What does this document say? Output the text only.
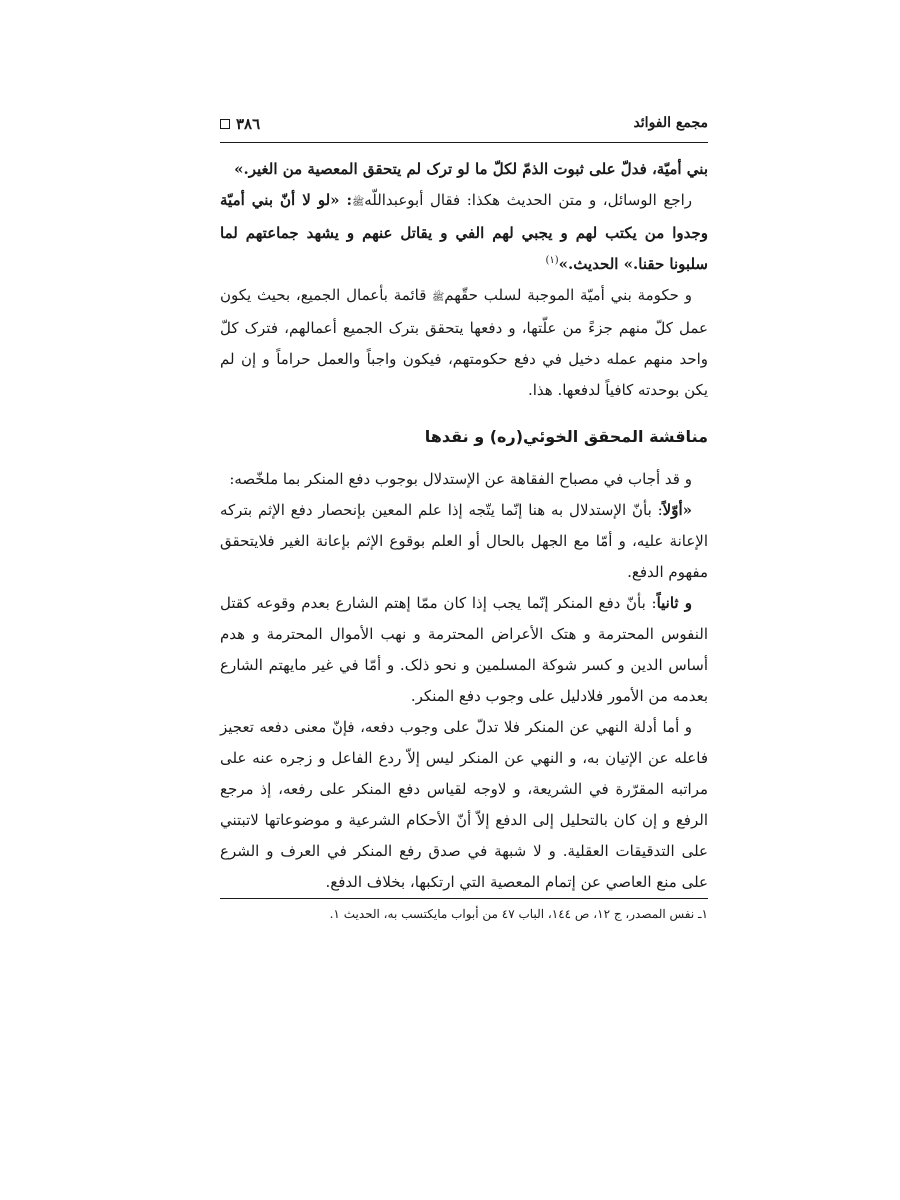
٣٨٦	مجمع الفوائد

بني أميّة، فدلّ على ثبوت الذمّ لكلّ ما لو ترک لم يتحقق المعصية من الغير.»

راجع الوسائل، و متن الحديث هكذا: فقال أبوعبداللّهﷺ: «لو لا أنّ بني أميّة وجدوا من يكتب لهم و يجبي لهم الفي و يقاتل عنهم و يشهد جماعتهم لما سلبونا حقنا.» الحديث.»$^{(١)}$

و حكومة بني أميّة الموجبة لسلب حقّهمﷺ قائمة بأعمال الجميع، بحيث يكون عمل كلّ منهم جزءً من علّتها، و دفعها يتحقق بترک الجميع أعمالهم، فترک كلّ واحد منهم عمله دخيل في دفع حكومتهم، فيكون واجباً والعمل حراماً و إن لم يكن بوحدته كافياً لدفعها. هذا.

مناقشة المحقق الخوئي(ره) و نقدها

و قد أجاب في مصباح الفقاهة عن الإستدلال بوجوب دفع المنكر بما ملخّصه:

«أوّلاً: بأنّ الإستدلال به هنا إنّما يتّجه إذا علم المعين بإنحصار دفع الإثم بتركه الإعانة عليه، و أمّا مع الجهل بالحال أو العلم بوقوع الإثم بإعانة الغير فلايتحقق مفهوم الدفع.

و ثانياً: بأنّ دفع المنكر إنّما يجب إذا كان ممّا إهتم الشارع بعدم وقوعه كقتل النفوس المحترمة و هتک الأعراض المحترمة و نهب الأموال المحترمة و هدم أساس الدين و كسر شوكة المسلمين و نحو ذلک. و أمّا في غير مايهتم الشارع بعدمه من الأمور فلادليل على وجوب دفع المنكر.

و أما أدلة النهي عن المنكر فلا تدلّ على وجوب دفعه، فإنّ معنى دفعه تعجيز فاعله عن الإتيان به، و النهي عن المنكر ليس إلاّ ردع الفاعل و زجره عنه على مراتبه المقرّرة في الشريعة، و لاوجه لقياس دفع المنكر على رفعه، إذ مرجع الرفع و إن كان بالتحليل إلى الدفع إلاّ أنّ الأحكام الشرعية و موضوعاتها لاتبتني على التدقيقات العقلية. و لا شبهة في صدق رفع المنكر في العرف و الشرع على منع العاصي عن إتمام المعصية التي ارتكبها، بخلاف الدفع.

١ـ نفس المصدر، ج ١٢، ص ١٤٤، الباب ٤٧ من أبواب مايكتسب به، الحديث ١.
